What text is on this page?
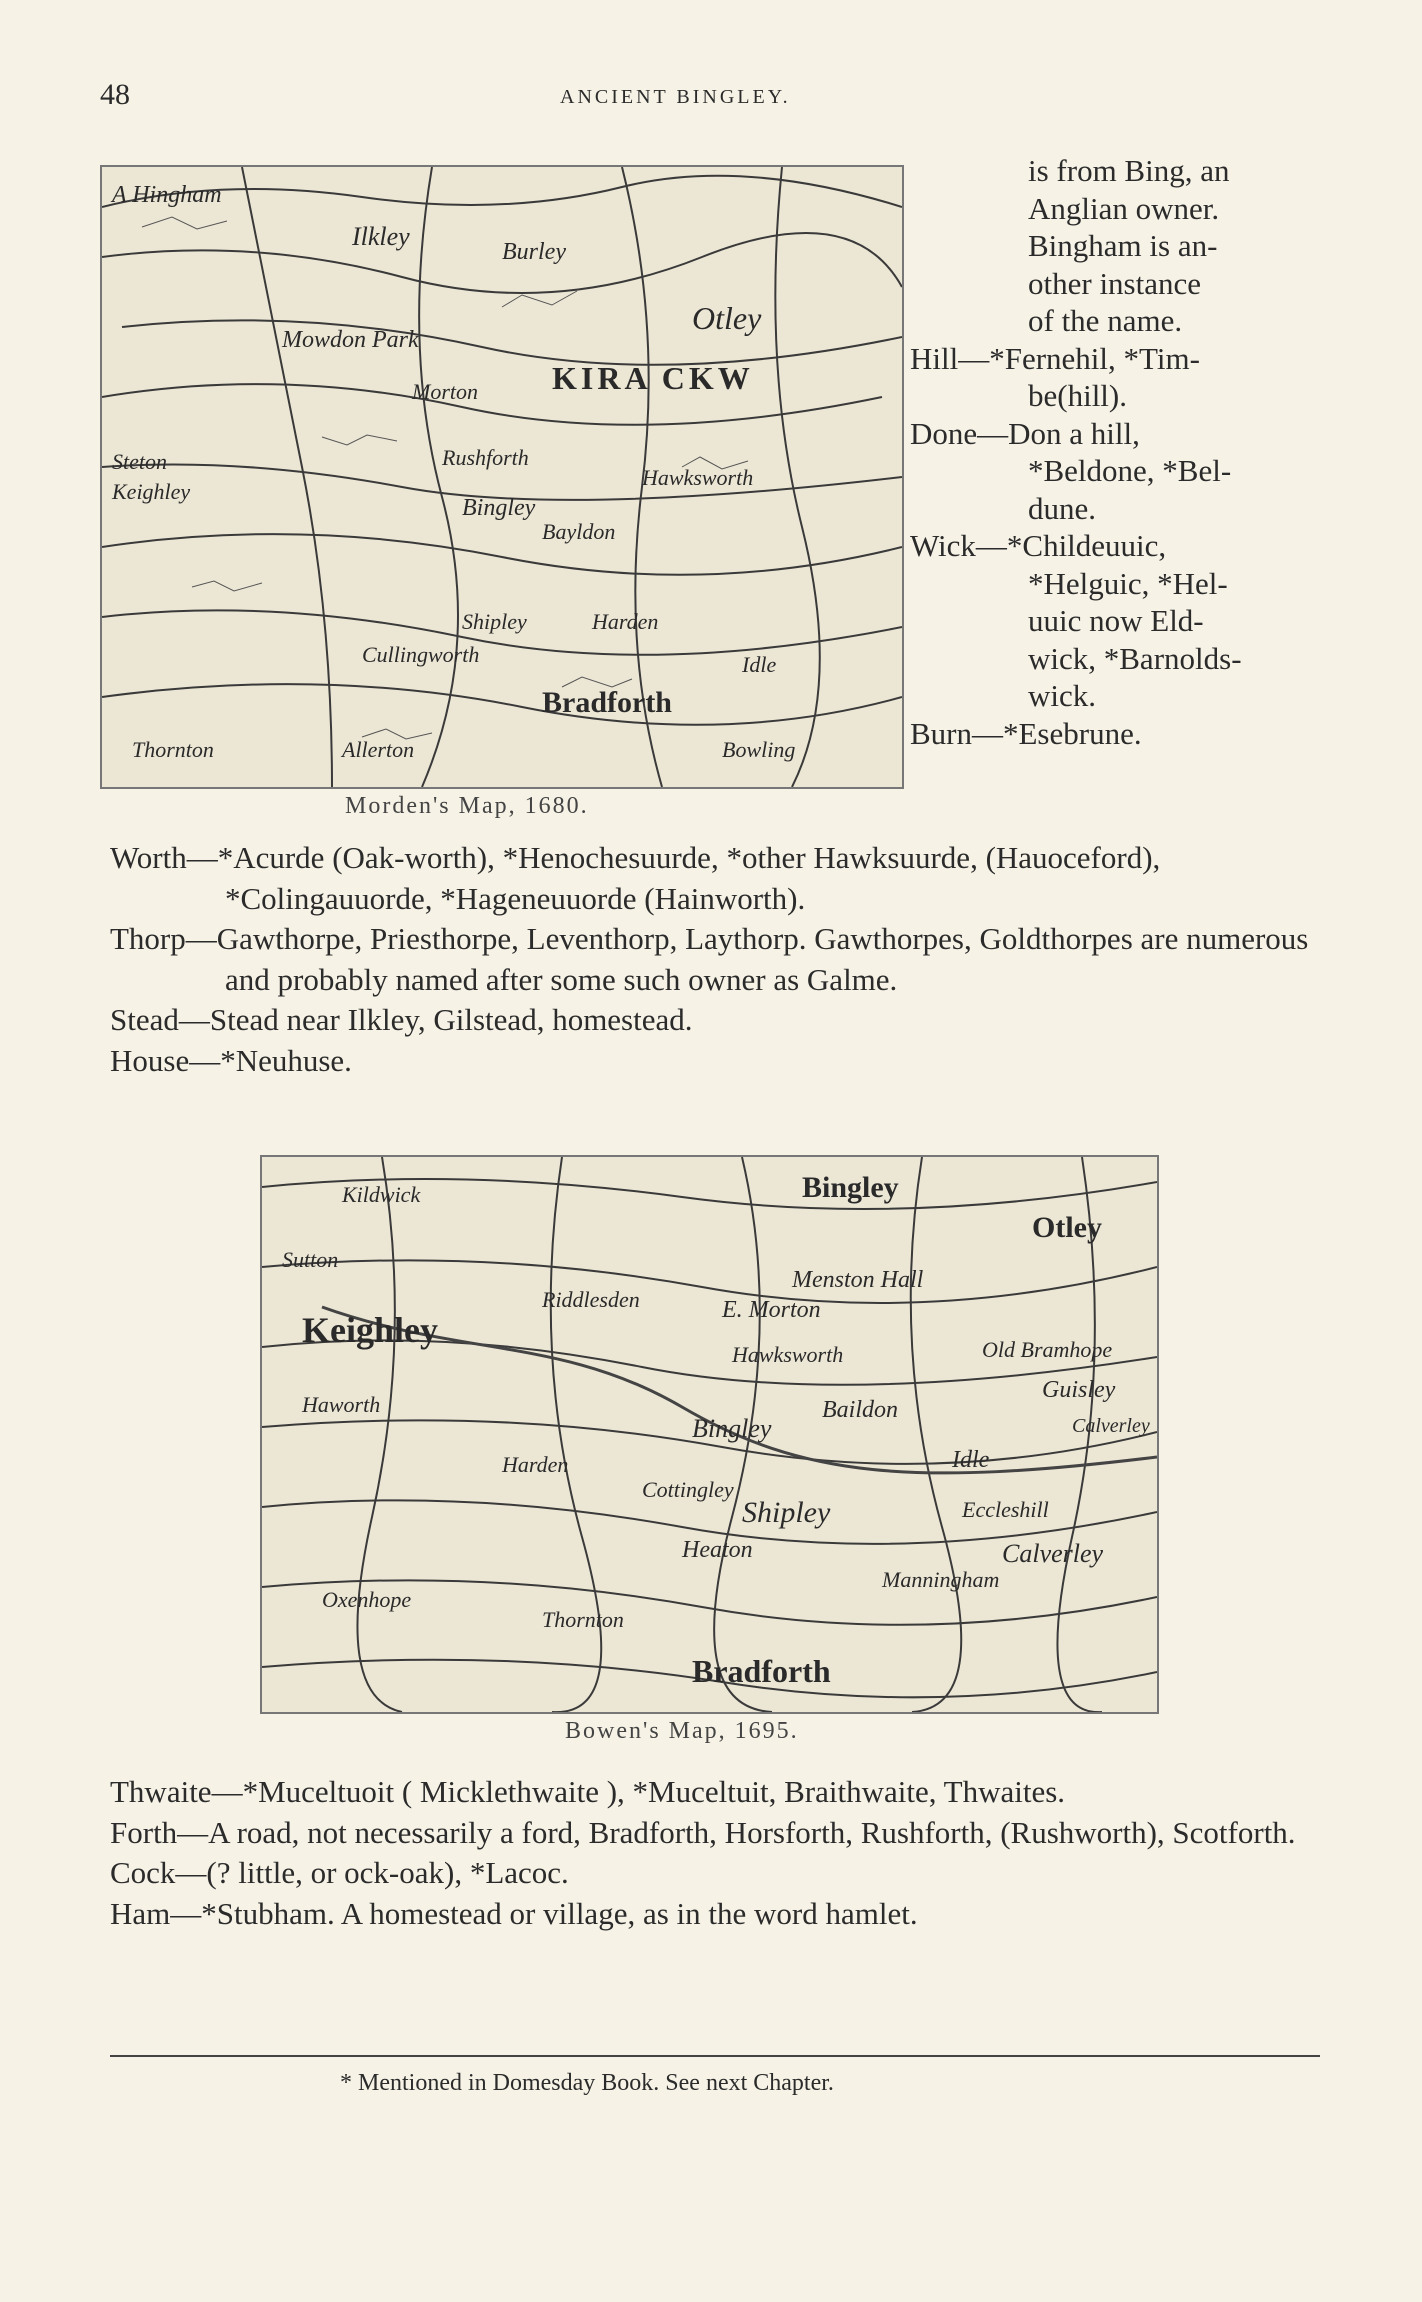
48	ANCIENT BINGLEY.
A Hingham
Ilkley
Burley
Otley
Mowdon Park
KIRA CKW
Morton
Steton
Keighley
Rushforth
Hawksworth
Bingley
Bayldon
Shipley	Harden
Idle
Cullingworth
Bradforth
Thornton	Allerton	Bowling
Morden's Map, 1680.

is from Bing, an

Anglian owner.

Bingham is an-

other instance

of the name.

Hill—*Fernehil, *Tim-

be(hill).

Done—Don a hill,

*Beldone, *Bel-

dune.

Wick—*Childeuuic,

*Helguic, *Hel-

uuic now Eld-

wick, *Barnolds-

wick.

Burn—*Esebrune.

Worth—*Acurde (Oak-worth), *Henochesuurde, *other Hawksuurde, (Hauoceford), *Colingauuorde, *Hageneuuorde (Hainworth).

Thorp—Gawthorpe, Priesthorpe, Leventhorp, Laythorp. Gawthorpes, Goldthorpes are numerous and probably named after some such owner as Galme.

Stead—Stead near Ilkley, Gilstead, homestead.

House—*Neuhuse.

Bingley
Otley
Keighley	E. Morton
Riddlesden
Menston Hall
Hawksworth	Old Bramhope
Guisley
Calverley
Bingley
Baildon
Idle
Harden
Cottingley
Shipley	Eccleshill
Calverley
Heaton
Manningham
Thornton
Bradforth
Oxenhope
Haworth
Sutton
Kildwick
Bowen's Map, 1695.

Thwaite—*Muceltuoit ( Micklethwaite ), *Muceltuit, Braithwaite, Thwaites.

Forth—A road, not necessarily a ford, Bradforth, Horsforth, Rushforth, (Rushworth), Scotforth.

Cock—(? little, or ock-oak), *Lacoc.

Ham—*Stubham. A homestead or village, as in the word hamlet.

* Mentioned in Domesday Book. See next Chapter.
